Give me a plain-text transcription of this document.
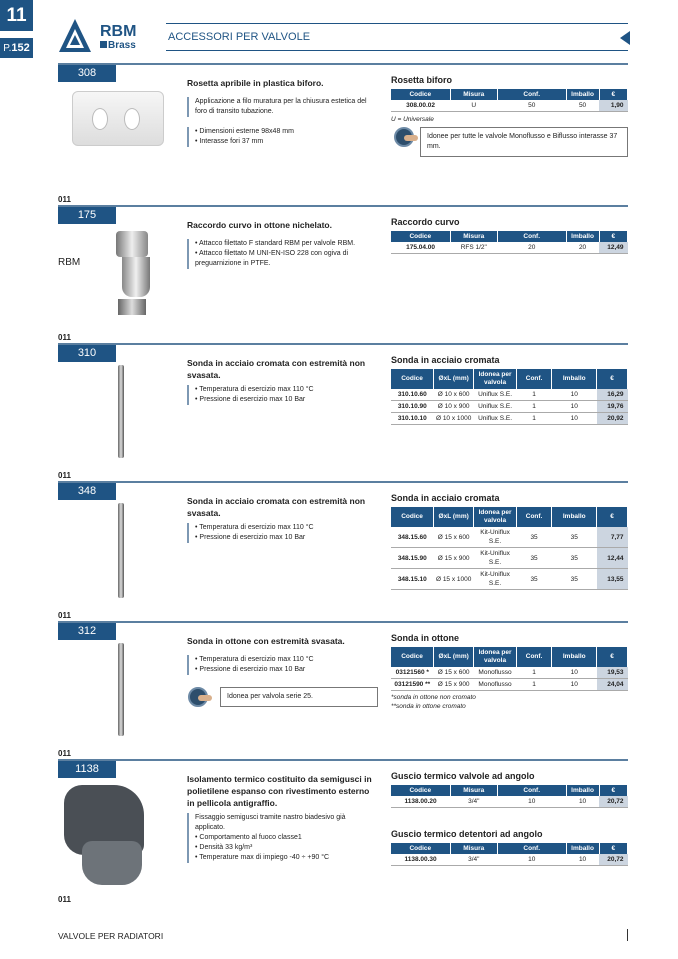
11
P.152
RBM
Brass
ACCESSORI PER VALVOLE
308
011
Rosetta apribile in plastica biforo.
Applicazione a filo muratura per la chiusura estetica del foro di transito tubazione.
• Dimensioni esterne 98x48 mm
• Interasse fori 37 mm
Rosetta biforo
Codice	Misura	Conf.	Imballo	€
308.00.02	U	50	50	1,90
U = Universale
Idonee per tutte le valvole Monoflusso e Biflusso interasse 37 mm.
175
011
RBM
Raccordo curvo in ottone nichelato.
• Attacco filettato F standard RBM per valvole RBM.
• Attacco filettato M UNI-EN-ISO 228 con ogiva di preguarnizione in PTFE.
Raccordo curvo
Codice	Misura	Conf.	Imballo	€
175.04.00	RFS 1/2"	20	20	12,49
310
011
Sonda in acciaio cromata con estremità non svasata.
• Temperatura di esercizio max 110 °C
• Pressione di esercizio max 10 Bar
Sonda in acciaio cromata
Codice	ØxL (mm)	Idonea per valvola	Conf.	Imballo	€
310.10.60	Ø 10 x 600	Uniflux S.E.	1	10	16,29
310.10.90	Ø 10 x 900	Uniflux S.E.	1	10	19,76
310.10.10	Ø 10 x 1000	Uniflux S.E.	1	10	20,92
348
011
Sonda in acciaio cromata con estremità non svasata.
• Temperatura di esercizio max 110 °C
• Pressione di esercizio max 10 Bar
Sonda in acciaio cromata
Codice	ØxL (mm)	Idonea per valvola	Conf.	Imballo	€
348.15.60	Ø 15 x 600	Kit-Uniflux S.E.	35	35	7,77
348.15.90	Ø 15 x 900	Kit-Uniflux S.E.	35	35	12,44
348.15.10	Ø 15 x 1000	Kit-Uniflux S.E.	35	35	13,55
312
011
Sonda in ottone con estremità svasata.
• Temperatura di esercizio max 110 °C
• Pressione di esercizio max 10 Bar
Idonea per valvola serie 25.
Sonda in ottone
Codice	ØxL (mm)	Idonea per valvola	Conf.	Imballo	€
03121560 *	Ø 15 x 600	Monoflusso	1	10	19,53
03121590 **	Ø 15 x 900	Monoflusso	1	10	24,04
*sonda in ottone non cromato
**sonda in ottone cromato
1138
011
Isolamento termico costituito da semigusci in polietilene espanso con rivestimento esterno in pellicola antigraffio.
Fissaggio semigusci tramite nastro biadesivo già applicato.
• Comportamento al fuoco classe1
• Densità 33 kg/m³
• Temperature max di impiego -40 ÷ +90 °C
Guscio termico valvole ad angolo
Codice	Misura	Conf.	Imballo	€
1138.00.20	3/4"	10	10	20,72
Guscio termico detentori ad angolo
Codice	Misura	Conf.	Imballo	€
1138.00.30	3/4"	10	10	20,72
VALVOLE PER RADIATORI
